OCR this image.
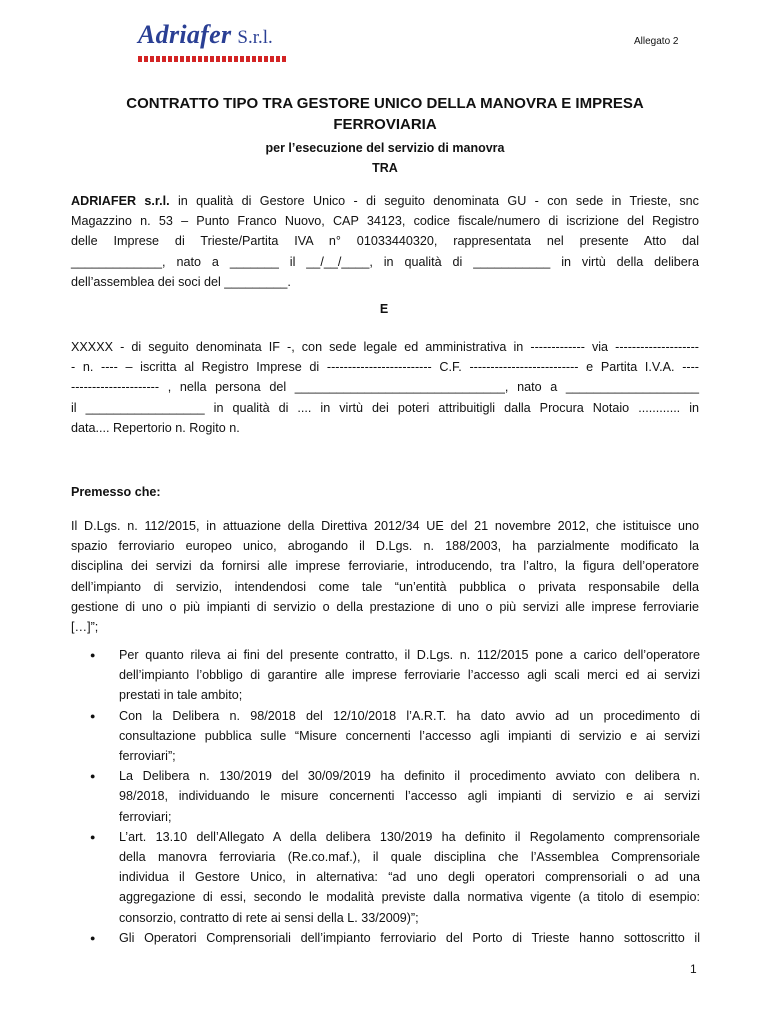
Adriafer S.r.l.	Allegato 2
CONTRATTO TIPO TRA GESTORE UNICO DELLA MANOVRA E IMPRESA
FERROVIARIA
per l’esecuzione del servizio di manovra
TRA
ADRIAFER s.r.l. in qualità di Gestore Unico - di seguito denominata GU - con sede in Trieste, snc
Magazzino n. 53 – Punto Franco Nuovo, CAP 34123, codice fiscale/numero di iscrizione del Registro
delle Imprese di Trieste/Partita IVA n° 01033440320, rappresentata nel presente Atto dal
_____________, nato a _______ il __/__/____, in qualità di ___________ in virtù della delibera
dell’assemblea dei soci del _________.
E
XXXXX - di seguito denominata IF -, con sede legale ed amministrativa in ------------- via --------------------
- n. ---- – iscritta al Registro Imprese di ------------------------- C.F. -------------------------- e Partita I.V.A. ----
--------------------- , nella persona del ______________________________, nato a ___________________
il _________________ in qualità di .... in virtù dei poteri attribuitigli dalla Procura Notaio ............ in
data.... Repertorio n. Rogito n.
Premesso che:
Il D.Lgs. n. 112/2015, in attuazione della Direttiva 2012/34 UE del 21 novembre 2012, che istituisce uno
spazio ferroviario europeo unico, abrogando il D.Lgs. n. 188/2003, ha parzialmente modificato la
disciplina dei servizi da fornirsi alle imprese ferroviarie, introducendo, tra l’altro, la figura dell’operatore
dell’impianto di servizio, intendendosi come tale “un’entità pubblica o privata responsabile della
gestione di uno o più impianti di servizio o della prestazione di uno o più servizi alle imprese ferroviarie
[…]”;
● Per quanto rileva ai fini del presente contratto, il D.Lgs. n. 112/2015 pone a carico dell’operatore
dell’impianto l’obbligo di garantire alle imprese ferroviarie l’accesso agli scali merci ed ai servizi
prestati in tale ambito;
● Con la Delibera n. 98/2018 del 12/10/2018 l’A.R.T. ha dato avvio ad un procedimento di
consultazione pubblica sulle “Misure concernenti l’accesso agli impianti di servizio e ai servizi
ferroviari”;
● La Delibera n. 130/2019 del 30/09/2019 ha definito il procedimento avviato con delibera n.
98/2018, individuando le misure concernenti l’accesso agli impianti di servizio e ai servizi
ferroviari;
● L’art. 13.10 dell’Allegato A della delibera 130/2019 ha definito il Regolamento comprensoriale
della manovra ferroviaria (Re.co.maf.), il quale disciplina che l’Assemblea Comprensoriale
individua il Gestore Unico, in alternativa: “ad uno degli operatori comprensoriali o ad una
aggregazione di essi, secondo le modalità previste dalla normativa vigente (a titolo di esempio:
consorzio, contratto di rete ai sensi della L. 33/2009)”;
● Gli Operatori Comprensoriali dell’impianto ferroviario del Porto di Trieste hanno sottoscritto il
1
